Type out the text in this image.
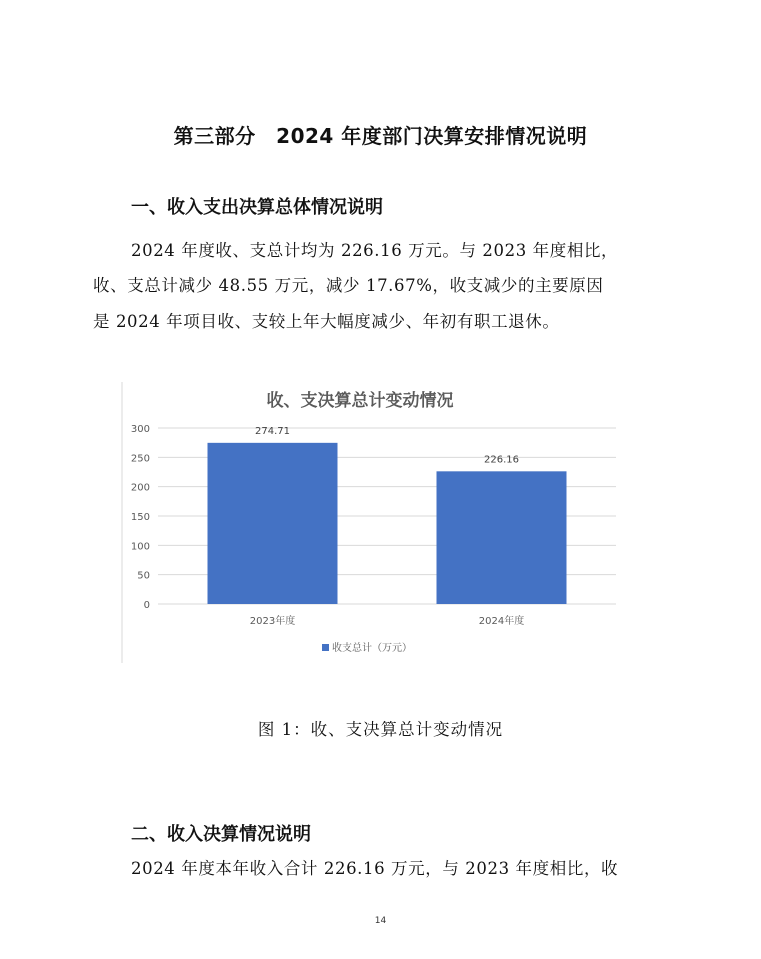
第三部分　2024 年度部门决算安排情况说明
一、收入支出决算总体情况说明
2024 年度收、支总计均为 226.16 万元。与 2023 年度相比，
收、支总计减少 48.55 万元，减少 17.67%，收支减少的主要原因
是 2024 年项目收、支较上年大幅度减少、年初有职工退休。
收、支决算总计变动情况
0
50
100
150
200
250
300	274.71
2023年度
226.16
2024年度
收支总计（万元）
图 1：收、支决算总计变动情况
二、收入决算情况说明
2024 年度本年收入合计 226.16 万元，与 2023 年度相比，收
14
